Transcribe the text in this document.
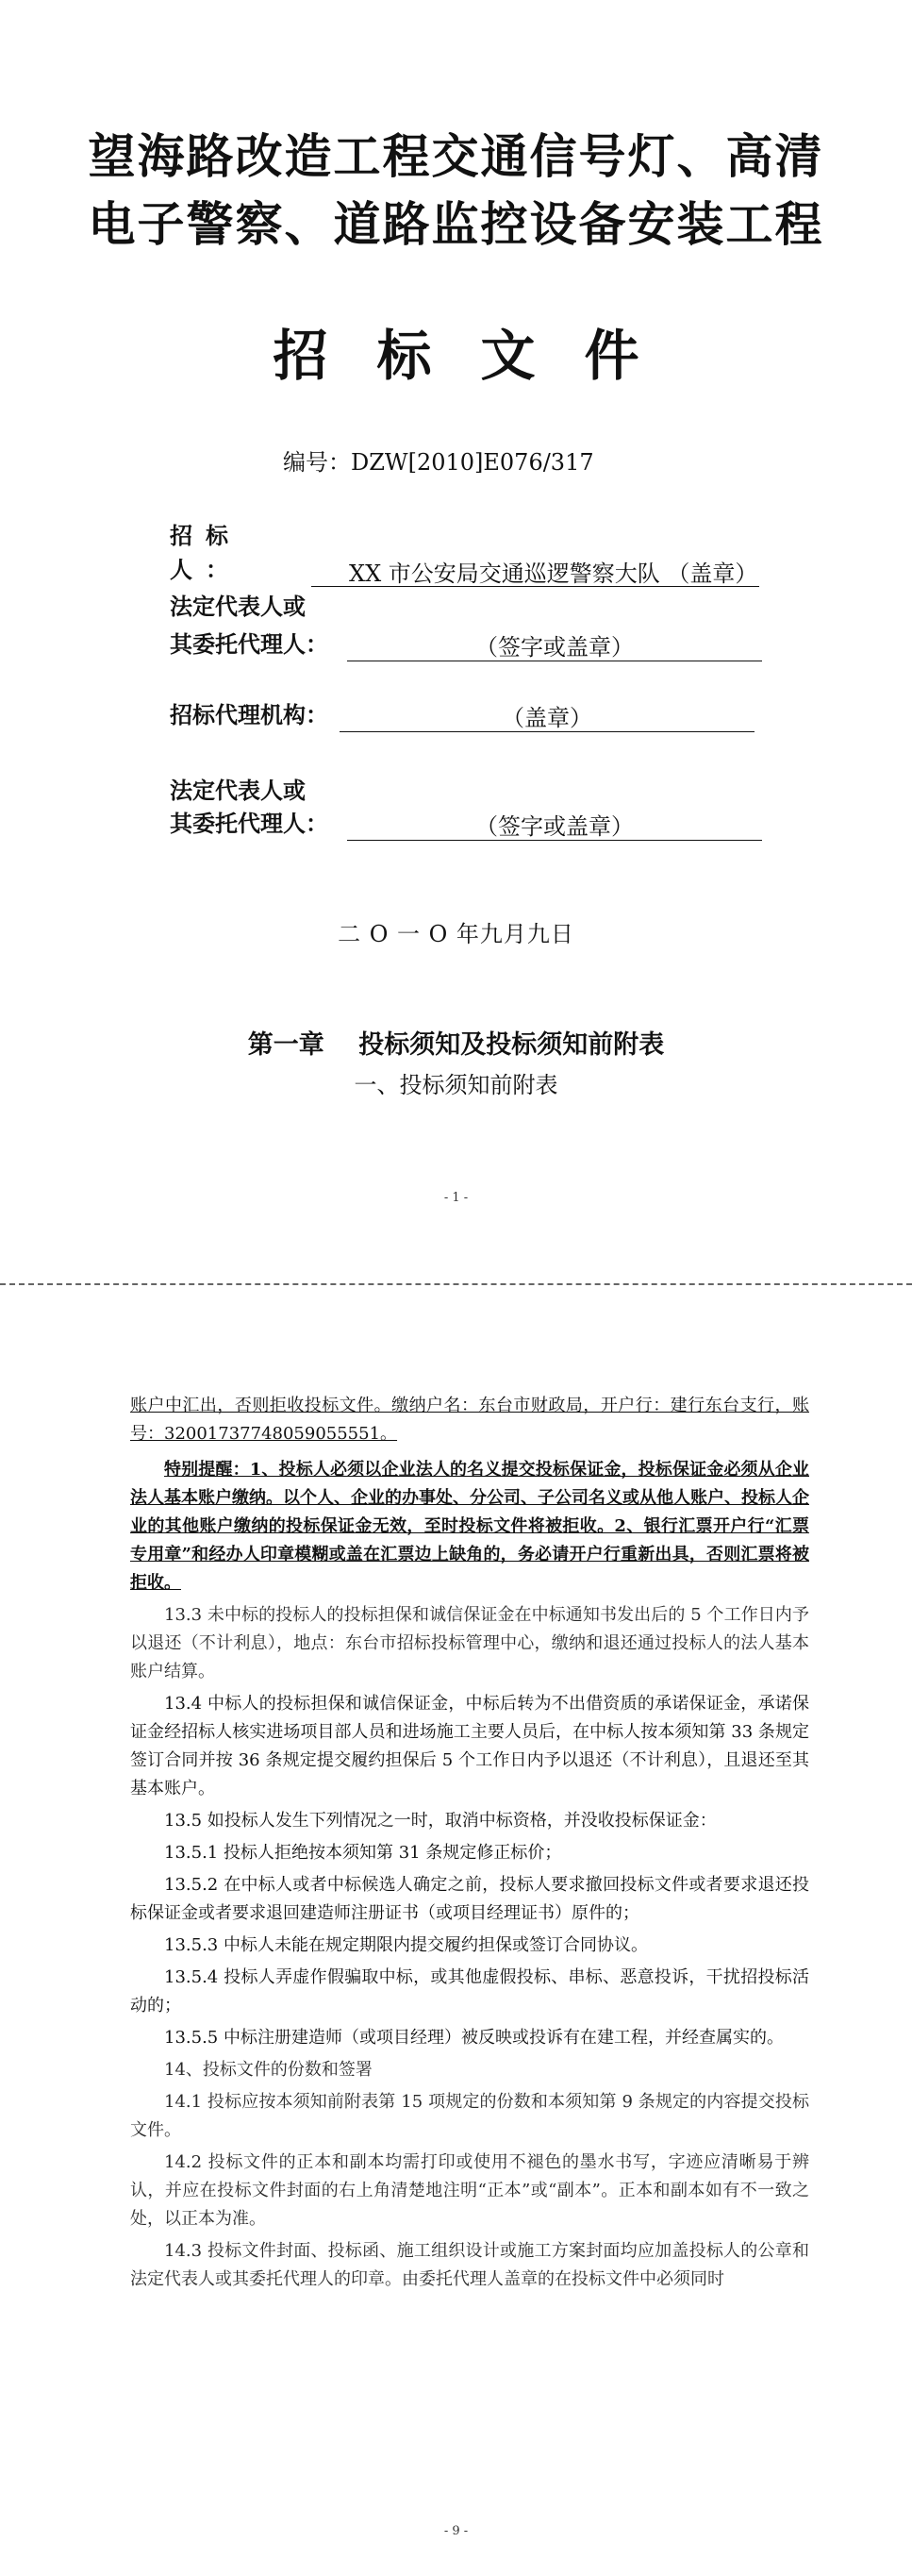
望海路改造工程交通信号灯、高清
电子警察、道路监控设备安装工程
招标文件
编号：DZW[2010]E076/317
招标人：	XX 市公安局交通巡逻警察大队 （盖章）
法定代表人或
其委托代理人：	（签字或盖章）
招标代理机构：	（盖章）
法定代表人或
其委托代理人：	（签字或盖章）
二 O 一 O 年九月九日
第一章　 投标须知及投标须知前附表
一、投标须知前附表
- 1 -

账户中汇出，否则拒收投标文件。缴纳户名：东台市财政局，开户行：建行东台支行，账号：32001737748059055551。

特别提醒：1、投标人必须以企业法人的名义提交投标保证金，投标保证金必须从企业法人基本账户缴纳。以个人、企业的办事处、分公司、子公司名义或从他人账户、投标人企业的其他账户缴纳的投标保证金无效，至时投标文件将被拒收。2、银行汇票开户行“汇票专用章”和经办人印章模糊或盖在汇票边上缺角的，务必请开户行重新出具，否则汇票将被拒收。

13.3 未中标的投标人的投标担保和诚信保证金在中标通知书发出后的 5 个工作日内予以退还（不计利息），地点：东台市招标投标管理中心，缴纳和退还通过投标人的法人基本账户结算。

13.4 中标人的投标担保和诚信保证金，中标后转为不出借资质的承诺保证金，承诺保证金经招标人核实进场项目部人员和进场施工主要人员后，在中标人按本须知第 33 条规定签订合同并按 36 条规定提交履约担保后 5 个工作日内予以退还（不计利息），且退还至其基本账户。

13.5 如投标人发生下列情况之一时，取消中标资格，并没收投标保证金：

13.5.1 投标人拒绝按本须知第 31 条规定修正标价；

13.5.2 在中标人或者中标候选人确定之前，投标人要求撤回投标文件或者要求退还投标保证金或者要求退回建造师注册证书（或项目经理证书）原件的；

13.5.3 中标人未能在规定期限内提交履约担保或签订合同协议。

13.5.4 投标人弄虚作假骗取中标，或其他虚假投标、串标、恶意投诉，干扰招投标活动的；

13.5.5 中标注册建造师（或项目经理）被反映或投诉有在建工程，并经查属实的。

14、投标文件的份数和签署

14.1 投标应按本须知前附表第 15 项规定的份数和本须知第 9 条规定的内容提交投标文件。

14.2 投标文件的正本和副本均需打印或使用不褪色的墨水书写，字迹应清晰易于辨认，并应在投标文件封面的右上角清楚地注明“正本”或“副本”。正本和副本如有不一致之处，以正本为准。

14.3 投标文件封面、投标函、施工组织设计或施工方案封面均应加盖投标人的公章和法定代表人或其委托代理人的印章。由委托代理人盖章的在投标文件中必须同时

- 9 -
